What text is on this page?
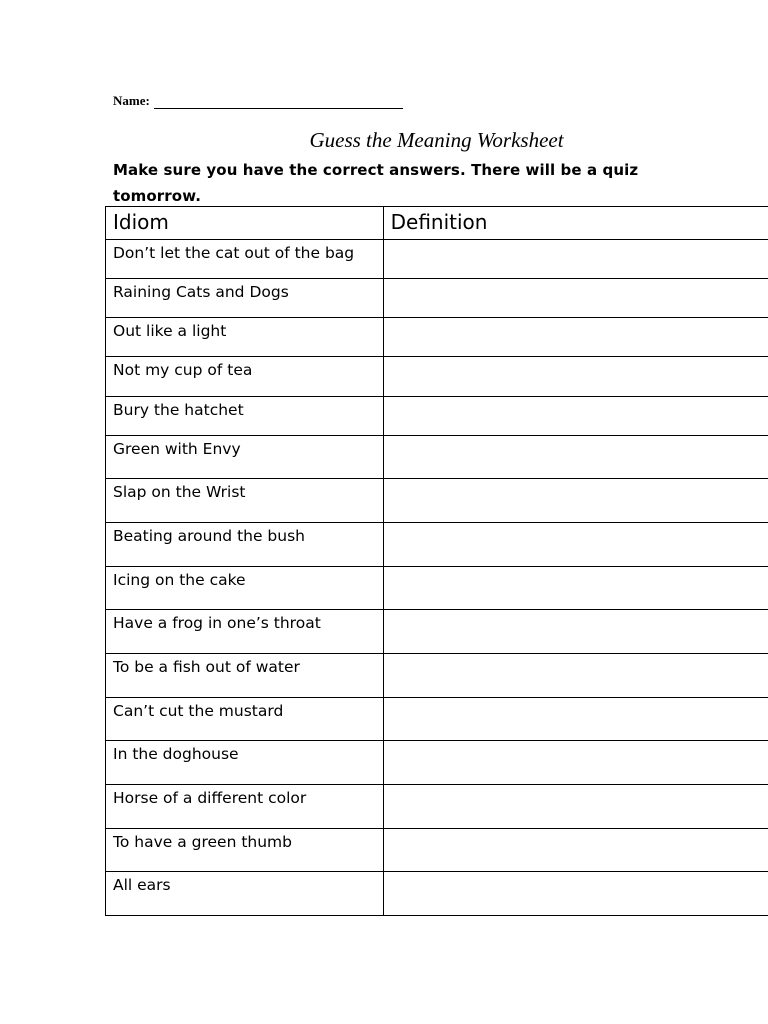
Name:
Guess the Meaning Worksheet
Make sure you have the correct answers. There will be a quiz
tomorrow.
Idiom	Definition
Don’t let the cat out of the bag	
Raining Cats and Dogs	
Out like a light	
Not my cup of tea	
Bury the hatchet	
Green with Envy	
Slap on the Wrist	
Beating around the bush	
Icing on the cake	
Have a frog in one’s throat	
To be a fish out of water	
Can’t cut the mustard	
In the doghouse	
Horse of a different color	
To have a green thumb	
All ears	
